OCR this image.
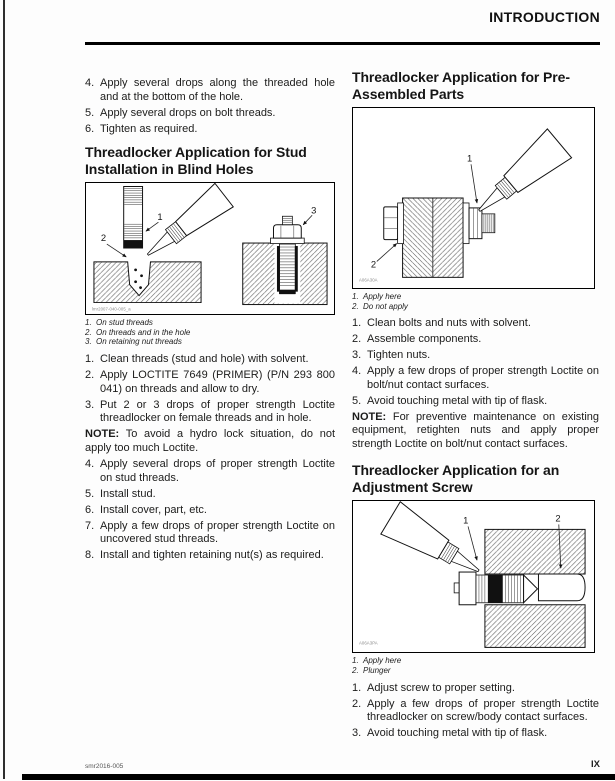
INTRODUCTION
4. Apply several drops along the threaded hole and at the bottom of the hole.
5. Apply several drops on bolt threads.
6. Tighten as required.
Threadlocker Application for Stud Installation in Blind Holes
1
2
3
lmr2007-040-005_a
1. On stud threads
2. On threads and in the hole
3. On retaining nut threads
1. Clean threads (stud and hole) with solvent.
2. Apply LOCTITE 7649 (PRIMER) (P/N 293 800 041) on threads and allow to dry.
3. Put 2 or 3 drops of proper strength Loctite threadlocker on female threads and in hole.

NOTE: To avoid a hydro lock situation, do not apply too much Loctite.

4. Apply several drops of proper strength Loctite on stud threads.
5. Install stud.
6. Install cover, part, etc.
7. Apply a few drops of proper strength Loctite on uncovered stud threads.
8. Install and tighten retaining nut(s) as required.
Threadlocker Application for Pre-Assembled Parts
1
2
A06A30A
1. Apply here
2. Do not apply
1. Clean bolts and nuts with solvent.
2. Assemble components.
3. Tighten nuts.
4. Apply a few drops of proper strength Loctite on bolt/nut contact surfaces.
5. Avoid touching metal with tip of flask.

NOTE: For preventive maintenance on existing equipment, retighten nuts and apply proper strength Loctite on bolt/nut contact surfaces.

Threadlocker Application for an Adjustment Screw
1	2
A06A3PA
1. Apply here
2. Plunger
1. Adjust screw to proper setting.
2. Apply a few drops of proper strength Loctite threadlocker on screw/body contact surfaces.
3. Avoid touching metal with tip of flask.
smr2016-005	IX
